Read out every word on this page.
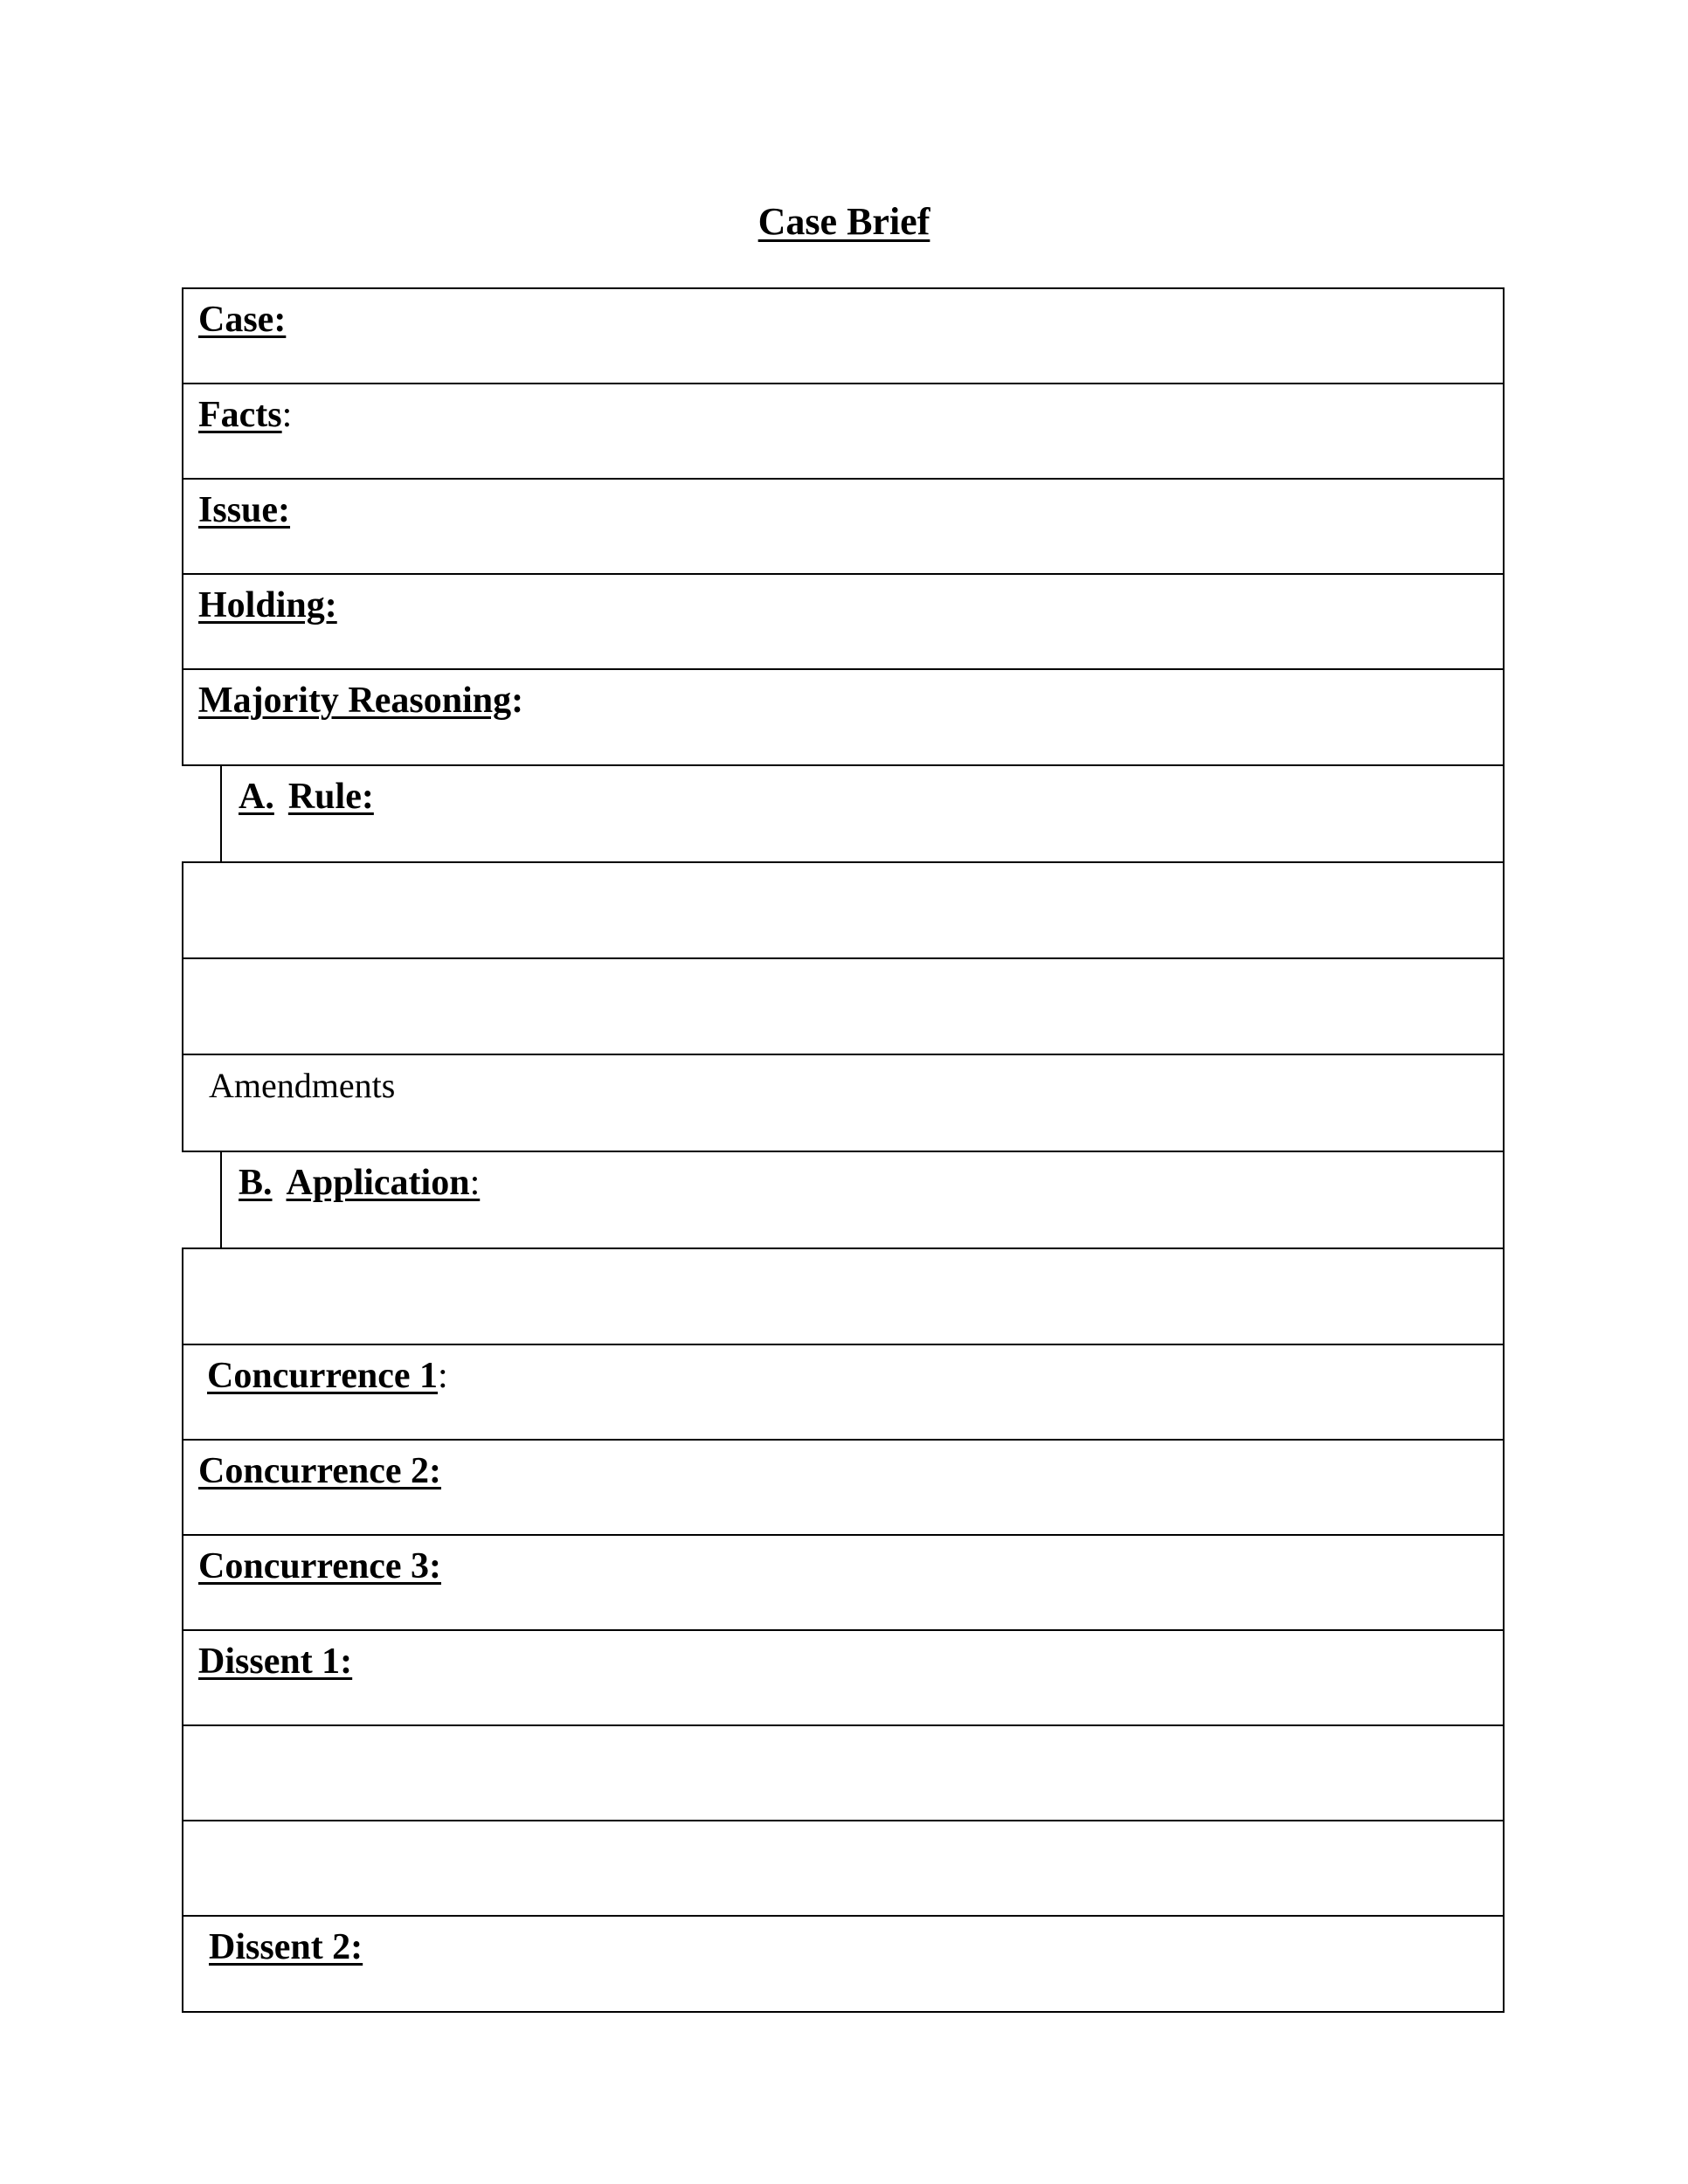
Case Brief
Case:
Facts:
Issue:
Holding:
Majority Reasoning:
A. Rule:
Amendments
B. Application:
Concurrence 1:
Concurrence 2:
Concurrence 3:
Dissent 1:
Dissent 2:
